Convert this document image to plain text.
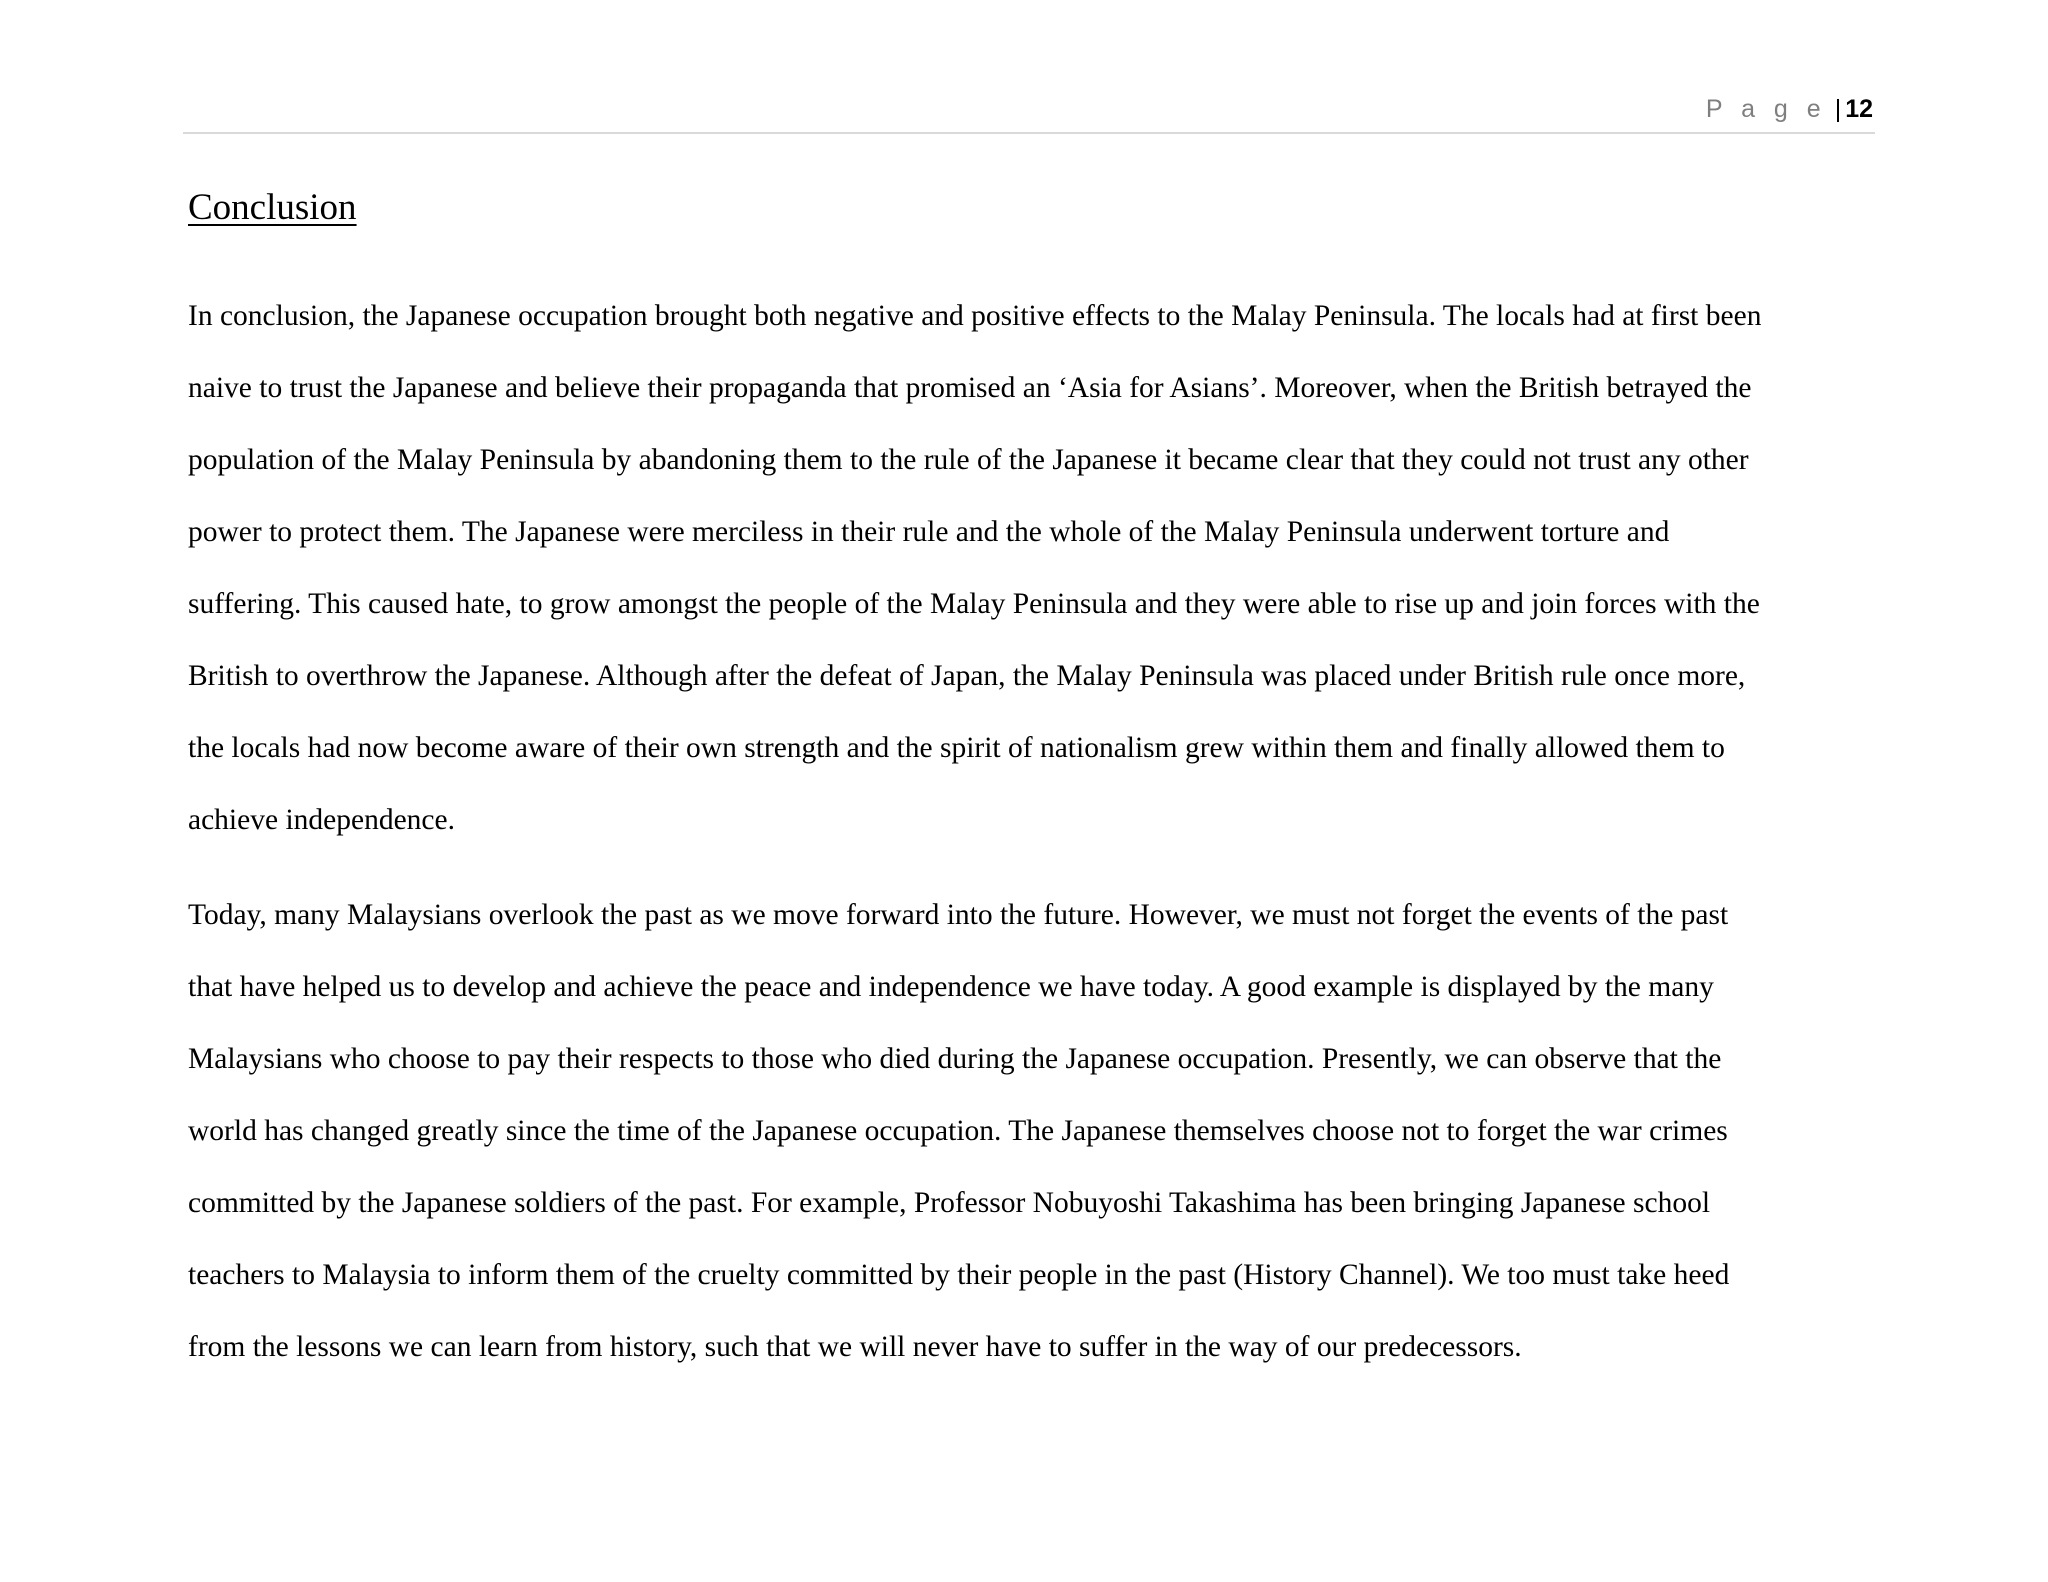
P a g e | 12
Conclusion
In conclusion, the Japanese occupation brought both negative and positive effects to the Malay Peninsula. The locals had at first been
naive to trust the Japanese and believe their propaganda that promised an ‘Asia for Asians’. Moreover, when the British betrayed the
population of the Malay Peninsula by abandoning them to the rule of the Japanese it became clear that they could not trust any other
power to protect them. The Japanese were merciless in their rule and the whole of the Malay Peninsula underwent torture and
suffering. This caused hate, to grow amongst the people of the Malay Peninsula and they were able to rise up and join forces with the
British to overthrow the Japanese. Although after the defeat of Japan, the Malay Peninsula was placed under British rule once more,
the locals had now become aware of their own strength and the spirit of nationalism grew within them and finally allowed them to
achieve independence.
Today, many Malaysians overlook the past as we move forward into the future. However, we must not forget the events of the past
that have helped us to develop and achieve the peace and independence we have today. A good example is displayed by the many
Malaysians who choose to pay their respects to those who died during the Japanese occupation. Presently, we can observe that the
world has changed greatly since the time of the Japanese occupation. The Japanese themselves choose not to forget the war crimes
committed by the Japanese soldiers of the past. For example, Professor Nobuyoshi Takashima has been bringing Japanese school
teachers to Malaysia to inform them of the cruelty committed by their people in the past (History Channel). We too must take heed
from the lessons we can learn from history, such that we will never have to suffer in the way of our predecessors.
